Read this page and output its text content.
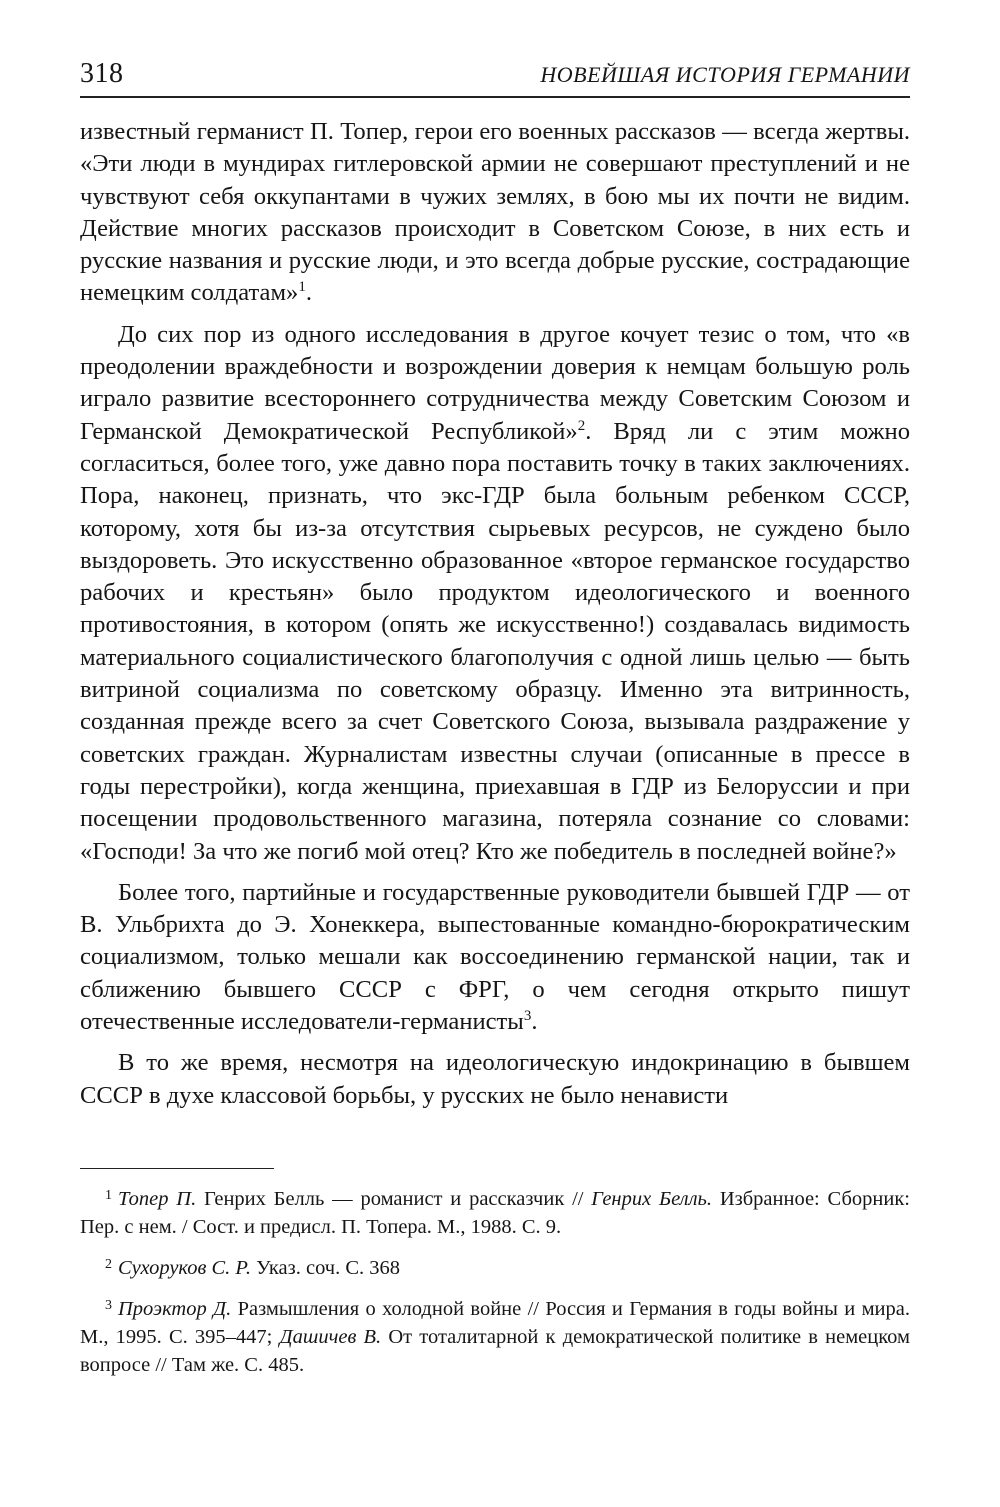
318	НОВЕЙШАЯ ИСТОРИЯ ГЕРМАНИИ

известный германист П. Топер, герои его военных рассказов — всегда жертвы. «Эти люди в мундирах гитлеровской армии не совершают преступлений и не чувствуют себя оккупантами в чужих землях, в бою мы их почти не видим. Действие многих рассказов происходит в Советском Союзе, в них есть и русские названия и русские люди, и это всегда добрые русские, сострадающие немецким солдатам»$^1$.

До сих пор из одного исследования в другое кочует тезис о том, что «в преодолении враждебности и возрождении доверия к немцам большую роль играло развитие всестороннего сотрудничества между Советским Союзом и Германской Демократической Республикой»$^2$. Вряд ли с этим можно согласиться, более того, уже давно пора поставить точку в таких заключениях. Пора, наконец, признать, что экс-ГДР была больным ребенком СССР, которому, хотя бы из-за отсутствия сырьевых ресурсов, не суждено было выздороветь. Это искусственно образованное «второе германское государство рабочих и крестьян» было продуктом идеологического и военного противостояния, в котором (опять же искусственно!) создавалась видимость материального социалистического благополучия с одной лишь целью — быть витриной социализма по советскому образцу. Именно эта витринность, созданная прежде всего за счет Советского Союза, вызывала раздражение у советских граждан. Журналистам известны случаи (описанные в прессе в годы перестройки), когда женщина, приехавшая в ГДР из Белоруссии и при посещении продовольственного магазина, потеряла сознание со словами: «Господи! За что же погиб мой отец? Кто же победитель в последней войне?»

Более того, партийные и государственные руководители бывшей ГДР — от В. Ульбрихта до Э. Хонеккера, выпестованные командно-бюрократическим социализмом, только мешали как воссоединению германской нации, так и сближению бывшего СССР с ФРГ, о чем сегодня открыто пишут отечественные исследователи-германисты$^3$.

В то же время, несмотря на идеологическую индокринацию в бывшем СССР в духе классовой борьбы, у русских не было ненависти

$^1$ Топер П. Генрих Белль — романист и рассказчик // Генрих Белль. Избранное: Сборник: Пер. с нем. / Сост. и предисл. П. Топера. М., 1988. С. 9.

$^2$ Сухоруков С. Р. Указ. соч. С. 368

$^3$ Проэктор Д. Размышления о холодной войне // Россия и Германия в годы войны и мира. М., 1995. С. 395–447; Дашичев В. От тоталитарной к демократической политике в немецком вопросе // Там же. С. 485.
